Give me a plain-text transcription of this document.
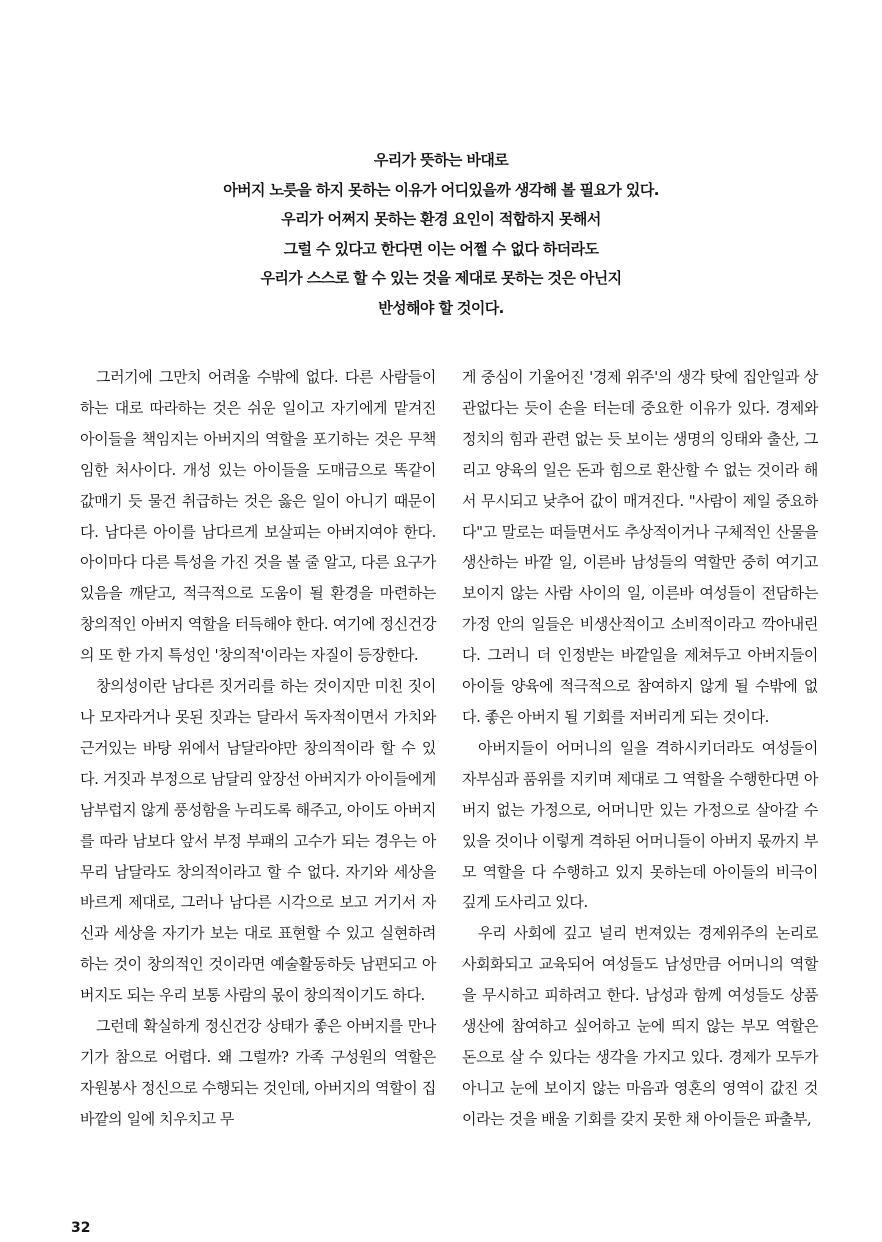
우리가 뜻하는 바대로
아버지 노릇을 하지 못하는 이유가 어디있을까 생각해 볼 필요가 있다.
우리가 어쩌지 못하는 환경 요인이 적합하지 못해서
그럴 수 있다고 한다면 이는 어쩔 수 없다 하더라도
우리가 스스로 할 수 있는 것을 제대로 못하는 것은 아닌지
반성해야 할 것이다.

그러기에 그만치 어려울 수밖에 없다. 다른 사람들이 하는 대로 따라하는 것은 쉬운 일이고 자기에게 맡겨진 아이들을 책임지는 아버지의 역할을 포기하는 것은 무책임한 처사이다. 개성 있는 아이들을 도매금으로 똑같이 값매기 듯 물건 취급하는 것은 옳은 일이 아니기 때문이다. 남다른 아이를 남다르게 보살피는 아버지여야 한다. 아이마다 다른 특성을 가진 것을 볼 줄 알고, 다른 요구가 있음을 깨닫고, 적극적으로 도움이 될 환경을 마련하는 창의적인 아버지 역할을 터득해야 한다. 여기에 정신건강의 또 한 가지 특성인 '창의적'이라는 자질이 등장한다.

창의성이란 남다른 짓거리를 하는 것이지만 미친 짓이나 모자라거나 못된 짓과는 달라서 독자적이면서 가치와 근거있는 바탕 위에서 남달라야만 창의적이라 할 수 있다. 거짓과 부정으로 남달리 앞장선 아버지가 아이들에게 남부럽지 않게 풍성함을 누리도록 해주고, 아이도 아버지를 따라 남보다 앞서 부정 부패의 고수가 되는 경우는 아무리 남달라도 창의적이라고 할 수 없다. 자기와 세상을 바르게 제대로, 그러나 남다른 시각으로 보고 거기서 자신과 세상을 자기가 보는 대로 표현할 수 있고 실현하려 하는 것이 창의적인 것이라면 예술활동하듯 남편되고 아버지도 되는 우리 보통 사람의 몫이 창의적이기도 하다.

그런데 확실하게 정신건강 상태가 좋은 아버지를 만나기가 참으로 어렵다. 왜 그럴까? 가족 구성원의 역할은 자원봉사 정신으로 수행되는 것인데, 아버지의 역할이 집 바깥의 일에 치우치고 무

게 중심이 기울어진 '경제 위주'의 생각 탓에 집안일과 상관없다는 듯이 손을 터는데 중요한 이유가 있다. 경제와 정치의 힘과 관련 없는 듯 보이는 생명의 잉태와 출산, 그리고 양육의 일은 돈과 힘으로 환산할 수 없는 것이라 해서 무시되고 낮추어 값이 매겨진다. "사람이 제일 중요하다"고 말로는 떠들면서도 추상적이거나 구체적인 산물을 생산하는 바깥 일, 이른바 남성들의 역할만 중히 여기고 보이지 않는 사람 사이의 일, 이른바 여성들이 전담하는 가정 안의 일들은 비생산적이고 소비적이라고 깍아내린다. 그러니 더 인정받는 바깥일을 제쳐두고 아버지들이 아이들 양육에 적극적으로 참여하지 않게 될 수밖에 없다. 좋은 아버지 될 기회를 저버리게 되는 것이다.

아버지들이 어머니의 일을 격하시키더라도 여성들이 자부심과 품위를 지키며 제대로 그 역할을 수행한다면 아버지 없는 가정으로, 어머니만 있는 가정으로 살아갈 수 있을 것이나 이렇게 격하된 어머니들이 아버지 몫까지 부모 역할을 다 수행하고 있지 못하는데 아이들의 비극이 깊게 도사리고 있다.

우리 사회에 깊고 널리 번져있는 경제위주의 논리로 사회화되고 교육되어 여성들도 남성만큼 어머니의 역할을 무시하고 피하려고 한다. 남성과 함께 여성들도 상품 생산에 참여하고 싶어하고 눈에 띄지 않는 부모 역할은 돈으로 살 수 있다는 생각을 가지고 있다. 경제가 모두가 아니고 눈에 보이지 않는 마음과 영혼의 영역이 값진 것이라는 것을 배울 기회를 갖지 못한 채 아이들은 파출부,

32
